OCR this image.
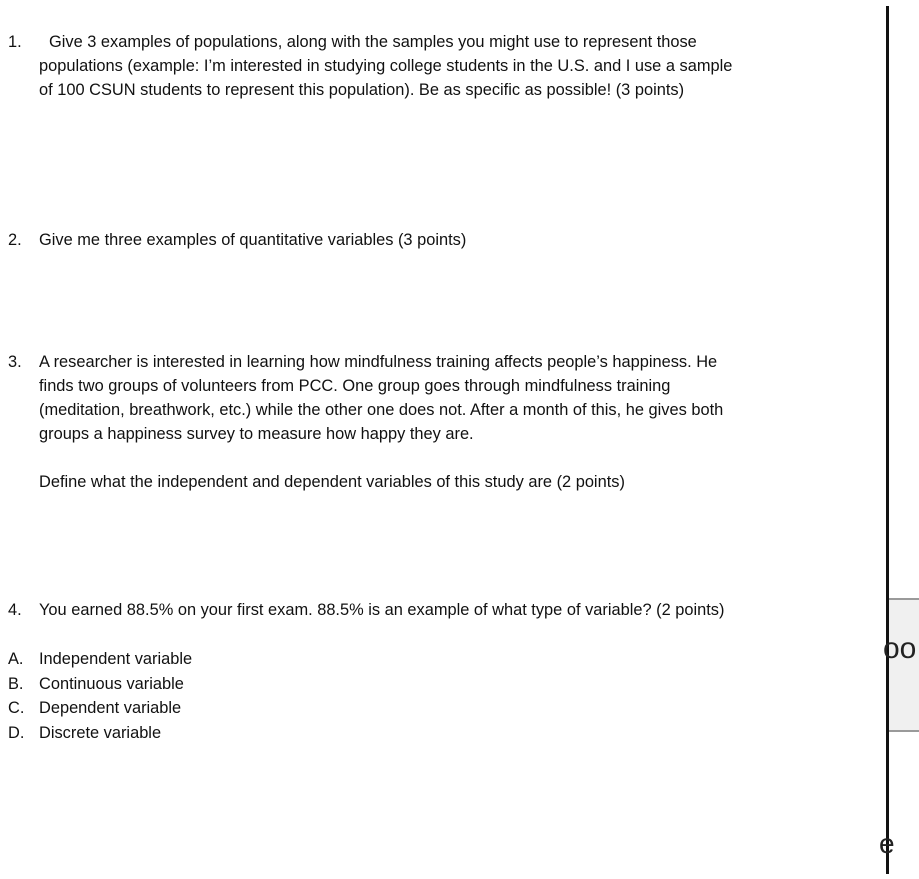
1.	Give 3 examples of populations, along with the samples you might use to represent those
populations (example: I’m interested in studying college students in the U.S. and I use a sample
of 100 CSUN students to represent this population). Be as specific as possible! (3 points)
2. Give me three examples of quantitative variables (3 points)
3. A researcher is interested in learning how mindfulness training affects people’s happiness. He
finds two groups of volunteers from PCC. One group goes through mindfulness training
(meditation, breathwork, etc.) while the other one does not. After a month of this, he gives both
groups a happiness survey to measure how happy they are.
Define what the independent and dependent variables of this study are (2 points)
4. You earned 88.5% on your first exam. 88.5% is an example of what type of variable? (2 points)
A. Independent variable
B. Continuous variable
C. Dependent variable
D. Discrete variable
oo
e
